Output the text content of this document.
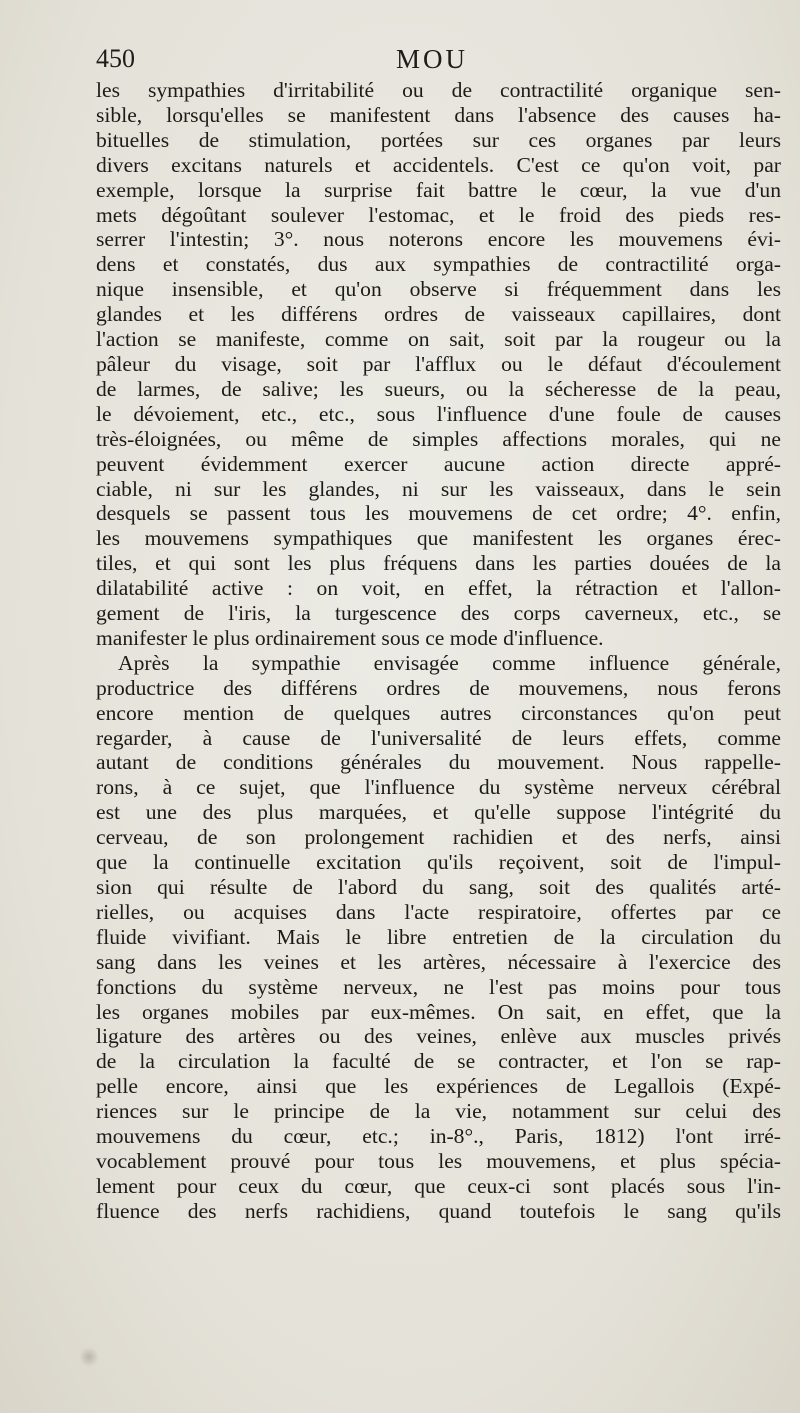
450	MOU
les sympathies d'irritabilité ou de contractilité organique sen-
sible, lorsqu'elles se manifestent dans l'absence des causes ha-
bituelles de stimulation, portées sur ces organes par leurs
divers excitans naturels et accidentels. C'est ce qu'on voit, par
exemple, lorsque la surprise fait battre le cœur, la vue d'un
mets dégoûtant soulever l'estomac, et le froid des pieds res-
serrer l'intestin; 3°. nous noterons encore les mouvemens évi-
dens et constatés, dus aux sympathies de contractilité orga-
nique insensible, et qu'on observe si fréquemment dans les
glandes et les différens ordres de vaisseaux capillaires, dont
l'action se manifeste, comme on sait, soit par la rougeur ou la
pâleur du visage, soit par l'afflux ou le défaut d'écoulement
de larmes, de salive; les sueurs, ou la sécheresse de la peau,
le dévoiement, etc., etc., sous l'influence d'une foule de causes
très-éloignées, ou même de simples affections morales, qui ne
peuvent évidemment exercer aucune action directe appré-
ciable, ni sur les glandes, ni sur les vaisseaux, dans le sein
desquels se passent tous les mouvemens de cet ordre; 4°. enfin,
les mouvemens sympathiques que manifestent les organes érec-
tiles, et qui sont les plus fréquens dans les parties douées de la
dilatabilité active : on voit, en effet, la rétraction et l'allon-
gement de l'iris, la turgescence des corps caverneux, etc., se
manifester le plus ordinairement sous ce mode d'influence.
Après la sympathie envisagée comme influence générale,
productrice des différens ordres de mouvemens, nous ferons
encore mention de quelques autres circonstances qu'on peut
regarder, à cause de l'universalité de leurs effets, comme
autant de conditions générales du mouvement. Nous rappelle-
rons, à ce sujet, que l'influence du système nerveux cérébral
est une des plus marquées, et qu'elle suppose l'intégrité du
cerveau, de son prolongement rachidien et des nerfs, ainsi
que la continuelle excitation qu'ils reçoivent, soit de l'impul-
sion qui résulte de l'abord du sang, soit des qualités arté-
rielles, ou acquises dans l'acte respiratoire, offertes par ce
fluide vivifiant. Mais le libre entretien de la circulation du
sang dans les veines et les artères, nécessaire à l'exercice des
fonctions du système nerveux, ne l'est pas moins pour tous
les organes mobiles par eux-mêmes. On sait, en effet, que la
ligature des artères ou des veines, enlève aux muscles privés
de la circulation la faculté de se contracter, et l'on se rap-
pelle encore, ainsi que les expériences de Legallois (Expé-
riences sur le principe de la vie, notamment sur celui des
mouvemens du cœur, etc.; in-8°., Paris, 1812) l'ont irré-
vocablement prouvé pour tous les mouvemens, et plus spécia-
lement pour ceux du cœur, que ceux-ci sont placés sous l'in-
fluence des nerfs rachidiens, quand toutefois le sang qu'ils
